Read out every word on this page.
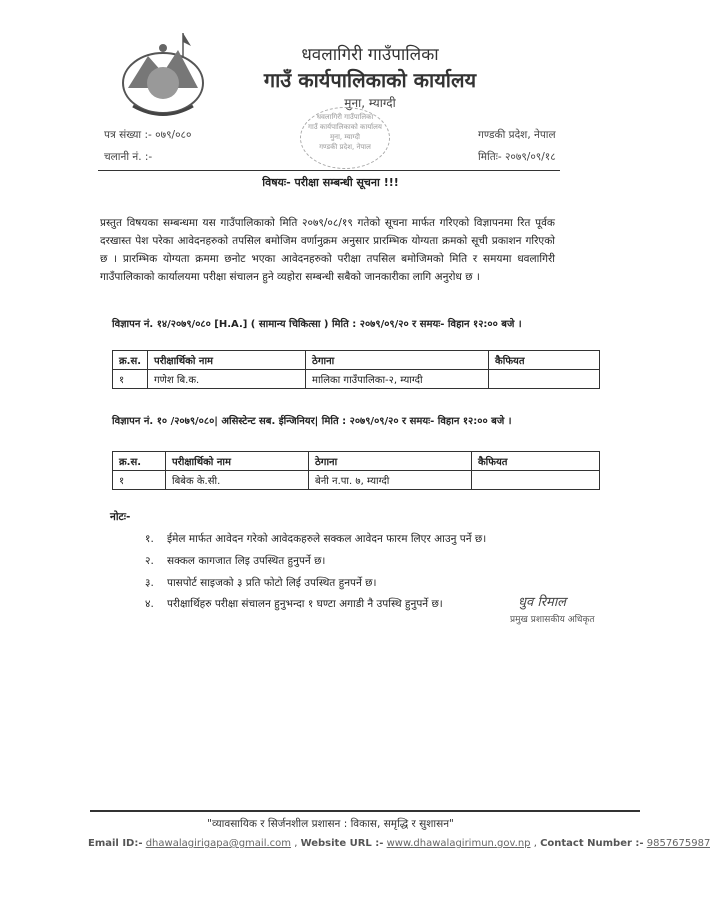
धवलागिरी गाउँपालिका
गाउँ कार्यपालिकाको कार्यालय
मुना, म्याग्दी
धवलागिरी गाउँपालिका
गाउँ कार्यपालिकाको कार्यालय
मुना, म्याग्दी
गण्डकी प्रदेश, नेपाल
पत्र संख्या :- ०७९/०८०
चलानी नं. :-
गण्डकी प्रदेश, नेपाल
मितिः- २०७९/०९/१८
विषयः- परीक्षा सम्बन्धी सूचना !!!
प्रस्तुत विषयका सम्बन्धमा यस गाउँपालिकाको मिति २०७९/०८/१९ गतेको सूचना मार्फत गरिएको विज्ञापनमा रित पूर्वक दरखास्त पेश परेका आवेदनहरुको तपसिल बमोजिम वर्णानुक्रम अनुसार प्रारम्भिक योग्यता क्रमको सूची प्रकाशन गरिएको छ । प्रारम्भिक योग्यता क्रममा छनोट भएका आवेदनहरुको परीक्षा तपसिल बमोजिमको मिति र समयमा धवलागिरी गाउँपालिकाको कार्यालयमा परीक्षा संचालन हुने व्यहोरा सम्बन्धी सबैको जानकारीका लागि अनुरोध छ ।
विज्ञापन नं. १४/२०७९/०८० [H.A.] ( सामान्य चिकित्सा ) मिति : २०७९/०९/२० र समयः- विहान १२:०० बजे ।
क्र.स.	परीक्षार्थिको नाम	ठेगाना	कैफियत
१	गणेश बि.क.	मालिका गाउँपालिका-२, म्याग्दी	
विज्ञापन नं. १० /२०७९/०८०| असिस्टेन्ट सब. ईन्जिनियर| मिति : २०७९/०९/२० र समयः- विहान १२:०० बजे ।
क्र.स.	परीक्षार्थिको नाम	ठेगाना	कैफियत
१	बिबेक के.सी.	बेनी न.पा. ७, म्याग्दी	
नोटः-
१. ईमेल मार्फत आवेदन गरेको आवेदकहरुले सक्कल आवेदन फारम लिएर आउनु पर्ने छ।
२. सक्कल कागजात लिइ उपस्थित हुनुपर्ने छ।
३. पासपोर्ट साइजको ३ प्रति फोटो लिई उपस्थित हुनपर्ने छ।
४. परीक्षार्थिहरु परीक्षा संचालन हुनुभन्दा १ घण्टा अगाडी नै उपस्थि हुनुपर्ने छ।	धुव रिमाल
प्रमुख प्रशासकीय अधिकृत
"व्यावसायिक र सिर्जनशील प्रशासन : विकास, समृद्धि र सुशासन"
Email ID:- dhawalagirigapa@gmail.com , Website URL :- www.dhawalagirimun.gov.np , Contact Number :- 9857675987
